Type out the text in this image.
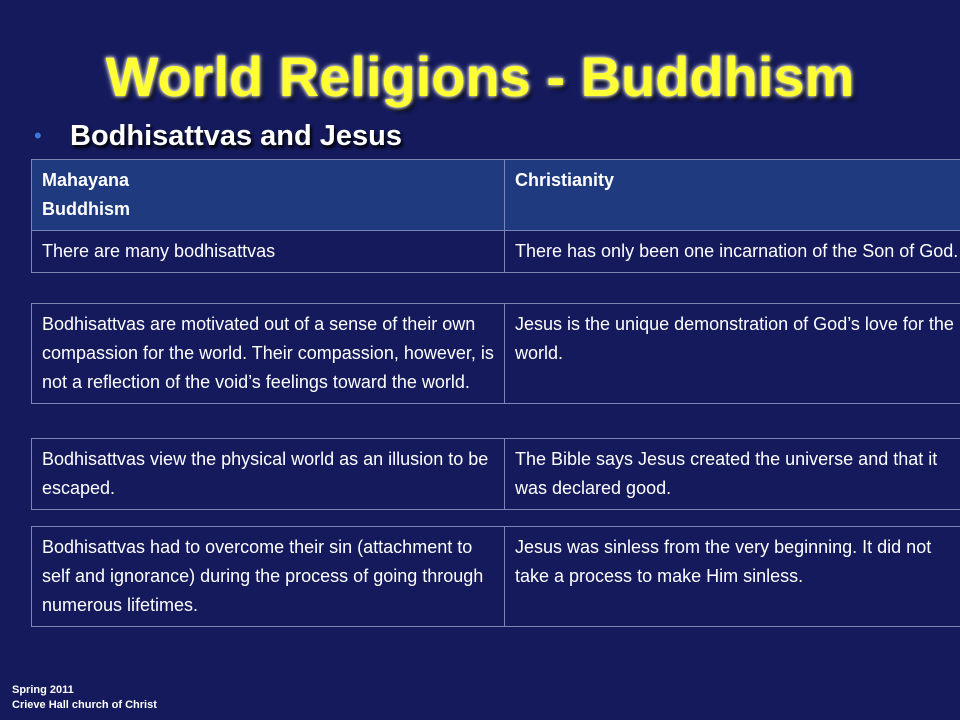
World Religions - Buddhism
• Bodhisattvas and Jesus
Mahayana
Buddhism	Christianity
There are many bodhisattvas	There has only been one incarnation of the Son of God.
Bodhisattvas are motivated out of a sense of their own compassion for the world. Their compassion, however, is not a reflection of the void’s feelings toward the world.	Jesus is the unique demonstration of God’s love for the world.
Bodhisattvas view the physical world as an illusion to be escaped.	The Bible says Jesus created the universe and that it was declared good.
Bodhisattvas had to overcome their sin (attachment to self and ignorance) during the process of going through numerous lifetimes.	Jesus was sinless from the very beginning. It did not take a process to make Him sinless.
Spring 2011
Crieve Hall church of Christ
